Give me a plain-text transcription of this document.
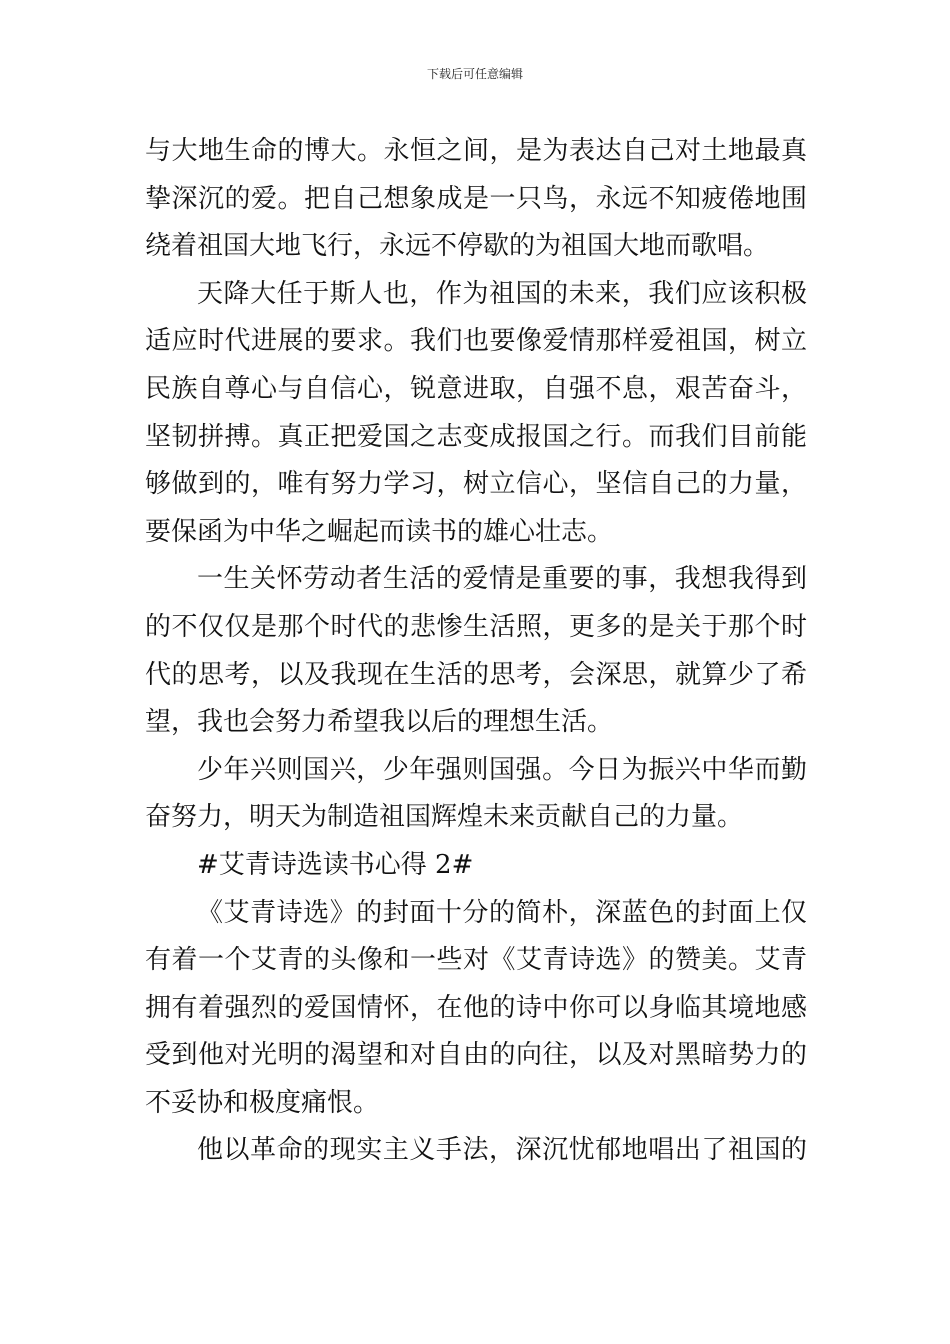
下载后可任意编辑
与大地生命的博大。永恒之间，是为表达自己对土地最真
挚深沉的爱。把自己想象成是一只鸟，永远不知疲倦地围
绕着祖国大地飞行，永远不停歇的为祖国大地而歌唱。
天降大任于斯人也，作为祖国的未来，我们应该积极
适应时代进展的要求。我们也要像爱情那样爱祖国，树立
民族自尊心与自信心，锐意进取，自强不息，艰苦奋斗，
坚韧拼搏。真正把爱国之志变成报国之行。而我们目前能
够做到的，唯有努力学习，树立信心，坚信自己的力量，
要保函为中华之崛起而读书的雄心壮志。
一生关怀劳动者生活的爱情是重要的事，我想我得到
的不仅仅是那个时代的悲惨生活照，更多的是关于那个时
代的思考，以及我现在生活的思考，会深思，就算少了希
望，我也会努力希望我以后的理想生活。
少年兴则国兴，少年强则国强。今日为振兴中华而勤
奋努力，明天为制造祖国辉煌未来贡献自己的力量。
#艾青诗选读书心得 2#
《艾青诗选》的封面十分的简朴，深蓝色的封面上仅
有着一个艾青的头像和一些对《艾青诗选》的赞美。艾青
拥有着强烈的爱国情怀，在他的诗中你可以身临其境地感
受到他对光明的渴望和对自由的向往，以及对黑暗势力的
不妥协和极度痛恨。
他以革命的现实主义手法，深沉忧郁地唱出了祖国的
